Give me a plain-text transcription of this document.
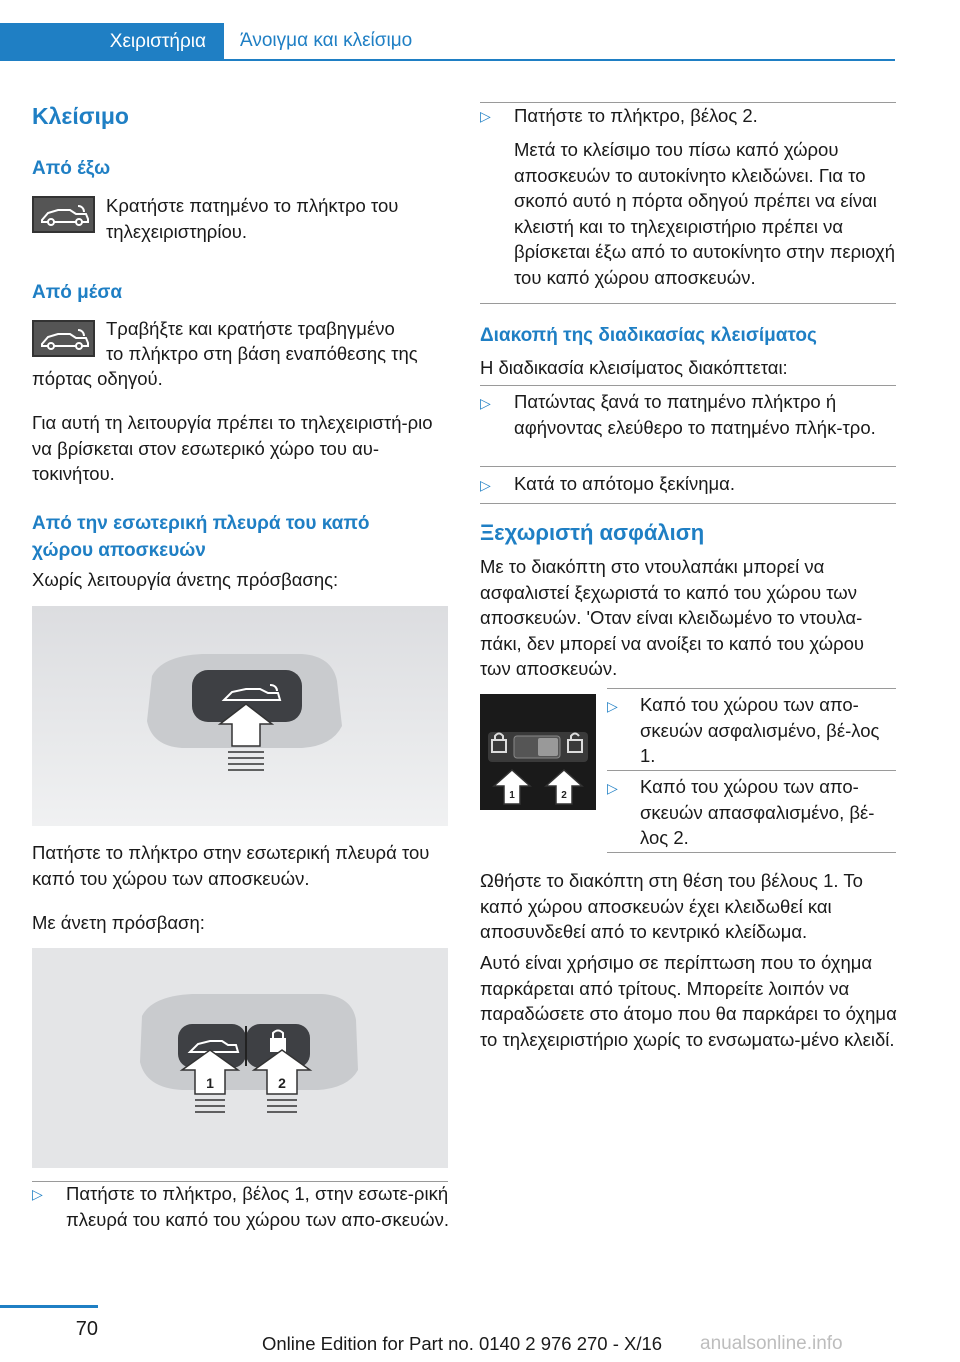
Χειριστήρια	Άνοιγμα και κλείσιμο
Κλείσιμο
Από έξω
Κρατήστε πατημένο το πλήκτρο του τηλεχειριστηρίου.
Από μέσα
Τραβήξτε και κρατήστε τραβηγμένο
το πλήκτρο στη βάση εναπόθεσης της
πόρτας οδηγού.
Για αυτή τη λειτουργία πρέπει το τηλεχειριστή-ριο να βρίσκεται στον εσωτερικό χώρο του αυ-τοκινήτου.
Από την εσωτερική πλευρά του καπό χώρου αποσκευών
Χωρίς λειτουργία άνετης πρόσβασης:
Πατήστε το πλήκτρο στην εσωτερική πλευρά του καπό του χώρου των αποσκευών.
Με άνετη πρόσβαση:
1	2
▷ Πατήστε το πλήκτρο, βέλος 1, στην εσωτε-ρική πλευρά του καπό του χώρου των απο-σκευών.
▷ Πατήστε το πλήκτρο, βέλος 2.
Μετά το κλείσιμο του πίσω καπό χώρου αποσκευών το αυτοκίνητο κλειδώνει. Για το σκοπό αυτό η πόρτα οδηγού πρέπει να είναι κλειστή και το τηλεχειριστήριο πρέπει να βρίσκεται έξω από το αυτοκίνητο στην περιοχή του καπό χώρου αποσκευών.
Διακοπή της διαδικασίας κλεισίματος
Η διαδικασία κλεισίματος διακόπτεται:
▷ Πατώντας ξανά το πατημένο πλήκτρο ή αφήνοντας ελεύθερο το πατημένο πλήκ-τρο.
▷ Κατά το απότομο ξεκίνημα.
Ξεχωριστή ασφάλιση
Με το διακόπτη στο ντουλαπάκι μπορεί να ασφαλιστεί ξεχωριστά το καπό του χώρου των αποσκευών. 'Οταν είναι κλειδωμένο το ντουλα-πάκι, δεν μπορεί να ανοίξει το καπό του χώρου των αποσκευών.
1	2
▷ Καπό του χώρου των απο-σκευών ασφαλισμένο, βέ-λος 1.
▷ Καπό του χώρου των απο-σκευών απασφαλισμένο, βέ-λος 2.
Ωθήστε το διακόπτη στη θέση του βέλους 1. Το καπό χώρου αποσκευών έχει κλειδωθεί και αποσυνδεθεί από το κεντρικό κλείδωμα.
Αυτό είναι χρήσιμο σε περίπτωση που το όχημα παρκάρεται από τρίτους. Μπορείτε λοιπόν να παραδώσετε στο άτομο που θα παρκάρει το όχημα το τηλεχειριστήριο χωρίς το ενσωματω-μένο κλειδί.
70
Online Edition for Part no. 0140 2 976 270 - X/16 anualsonline.info
